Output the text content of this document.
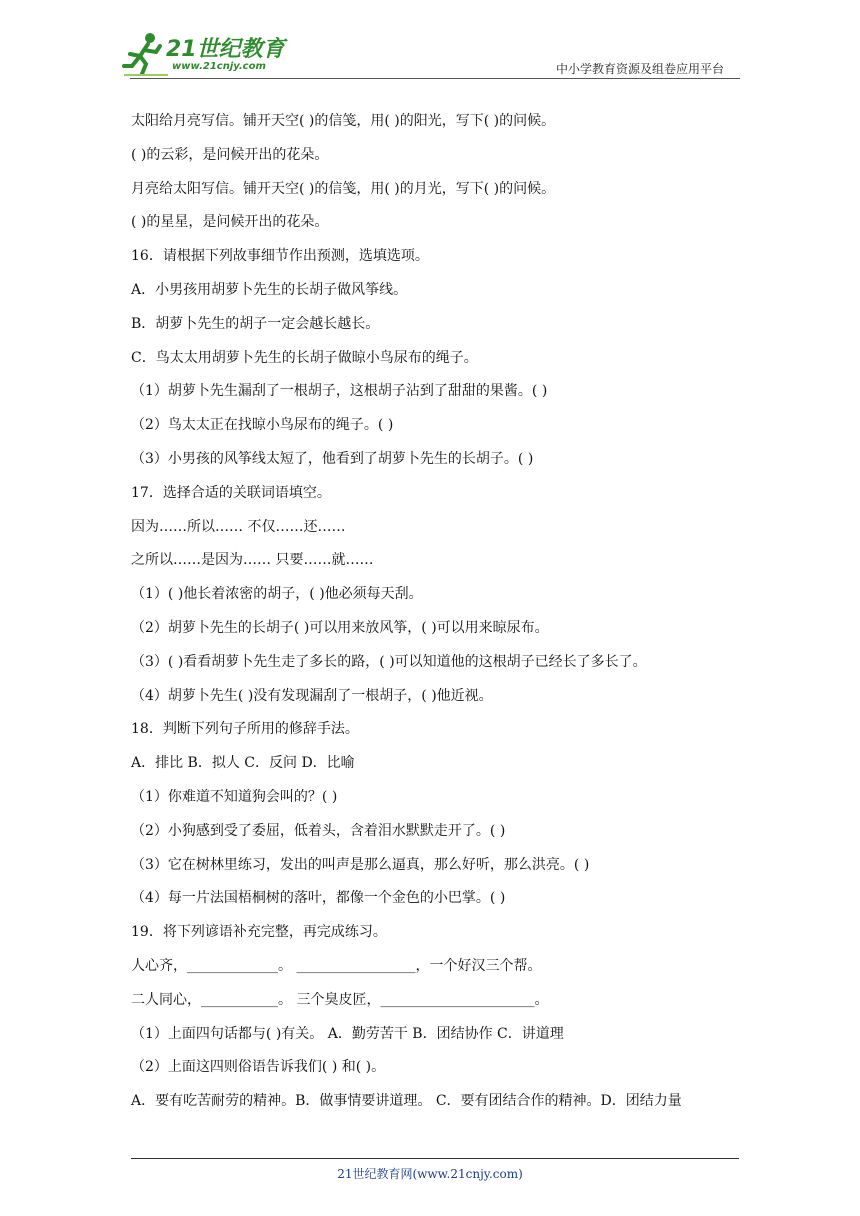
21世纪教育
www.21cnjy.com	中小学教育资源及组卷应用平台
太阳给月亮写信。铺开天空( )的信笺，用( )的阳光，写下( )的问候。
( )的云彩，是问候开出的花朵。
月亮给太阳写信。铺开天空( )的信笺，用( )的月光，写下( )的问候。
( )的星星，是问候开出的花朵。
16．请根据下列故事细节作出预测，选填选项。
A．小男孩用胡萝卜先生的长胡子做风筝线。
B．胡萝卜先生的胡子一定会越长越长。
C．鸟太太用胡萝卜先生的长胡子做晾小鸟尿布的绳子。
（1）胡萝卜先生漏刮了一根胡子，这根胡子沾到了甜甜的果酱。( )
（2）鸟太太正在找晾小鸟尿布的绳子。( )
（3）小男孩的风筝线太短了，他看到了胡萝卜先生的长胡子。( )
17．选择合适的关联词语填空。
因为……所以…… 不仅……还……
之所以……是因为…… 只要……就……
（1）( )他长着浓密的胡子，( )他必须每天刮。
（2）胡萝卜先生的长胡子( )可以用来放风筝，( )可以用来晾尿布。
（3）( )看看胡萝卜先生走了多长的路，( )可以知道他的这根胡子已经长了多长了。
（4）胡萝卜先生( )没有发现漏刮了一根胡子，( )他近视。
18．判断下列句子所用的修辞手法。
A．排比 B．拟人 C．反问 D．比喻
（1）你难道不知道狗会叫的？( )
（2）小狗感到受了委屈，低着头，含着泪水默默走开了。( )
（3）它在树林里练习，发出的叫声是那么逼真，那么好听，那么洪亮。( )
（4）每一片法国梧桐树的落叶，都像一个金色的小巴掌。( )
19．将下列谚语补充完整，再完成练习。
人心齐，_____________。 _________________，一个好汉三个帮。
二人同心，___________。 三个臭皮匠，______________________。
（1）上面四句话都与( )有关。 A．勤劳苦干 B．团结协作 C．讲道理
（2）上面这四则俗语告诉我们( ) 和( )。
A．要有吃苦耐劳的精神。B．做事情要讲道理。 C．要有团结合作的精神。D．团结力量
21世纪教育网(www.21cnjy.com)
